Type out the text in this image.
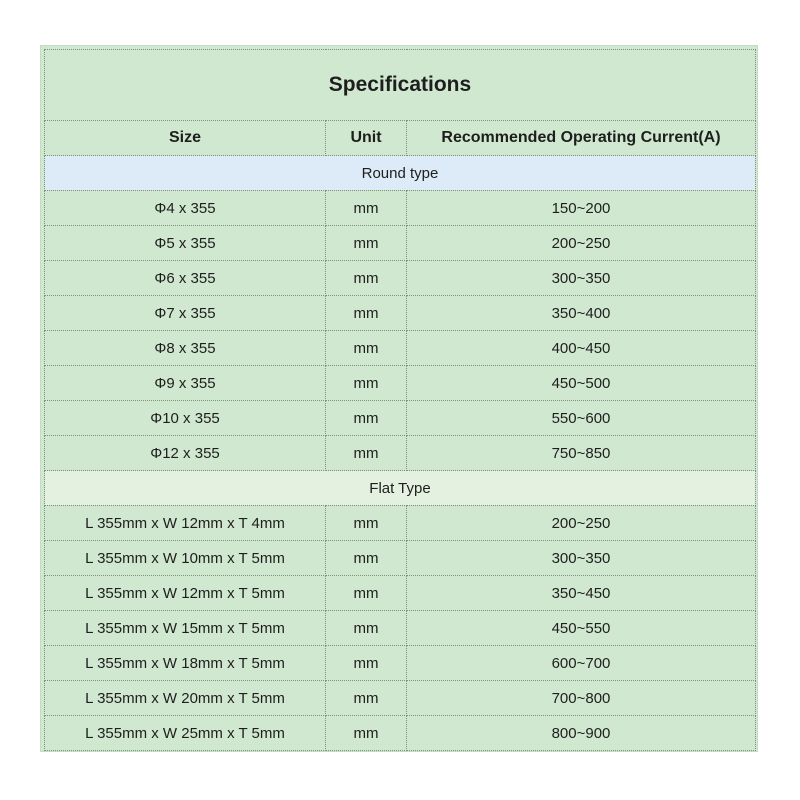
Specifications		
Size	Unit	Recommended Operating Current(A)
Round type		
Φ4 x 355	mm	150~200
Φ5 x 355	mm	200~250
Φ6 x 355	mm	300~350
Φ7 x 355	mm	350~400
Φ8 x 355	mm	400~450
Φ9 x 355	mm	450~500
Φ10 x 355	mm	550~600
Φ12 x 355	mm	750~850
Flat Type		
L 355mm x W 12mm x T 4mm	mm	200~250
L 355mm x W 10mm x T 5mm	mm	300~350
L 355mm x W 12mm x T 5mm	mm	350~450
L 355mm x W 15mm x T 5mm	mm	450~550
L 355mm x W 18mm x T 5mm	mm	600~700
L 355mm x W 20mm x T 5mm	mm	700~800
L 355mm x W 25mm x T 5mm	mm	800~900
